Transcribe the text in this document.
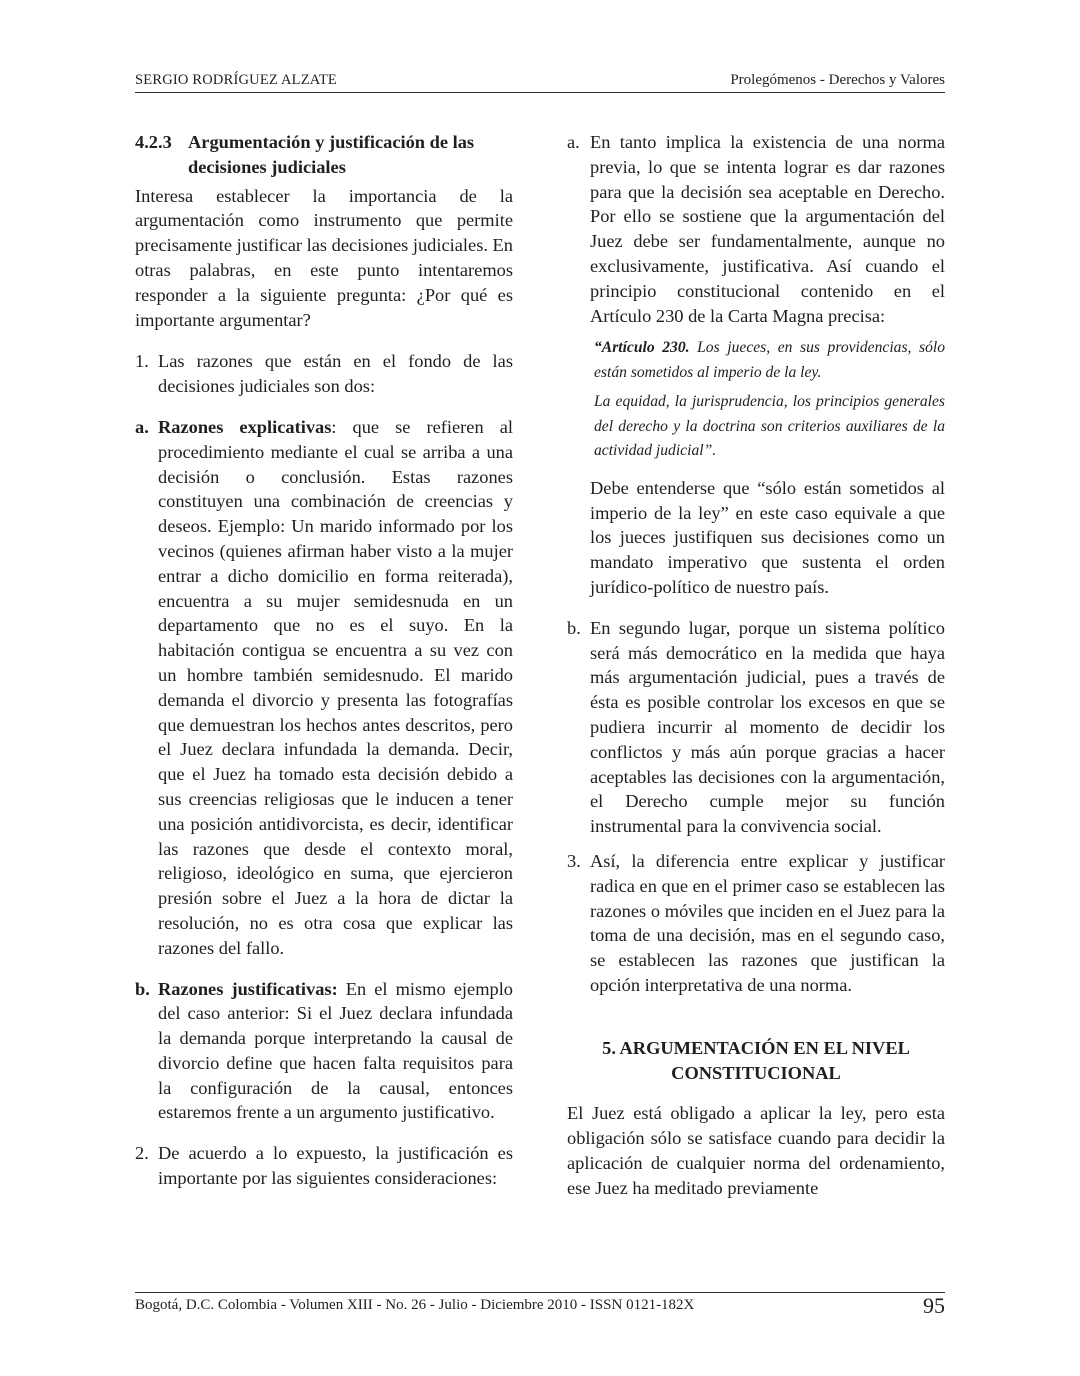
SERGIO RODRÍGUEZ ALZATE	Prolegómenos - Derechos y Valores
4.2.3 Argumentación y justificación de las decisiones judiciales

Interesa establecer la importancia de la argumentación como instrumento que permite precisamente justificar las decisiones judiciales. En otras palabras, en este punto intentaremos responder a la siguiente pregunta: ¿Por qué es importante argumentar?

1. Las razones que están en el fondo de las decisiones judiciales son dos:
a. Razones explicativas: que se refieren al procedimiento mediante el cual se arriba a una decisión o conclusión. Estas razones constituyen una combinación de creencias y deseos. Ejemplo: Un marido informado por los vecinos (quienes afirman haber visto a la mujer entrar a dicho domicilio en forma reiterada), encuentra a su mujer semidesnuda en un departamento que no es el suyo. En la habitación contigua se encuentra a su vez con un hombre también semidesnudo. El marido demanda el divorcio y presenta las fotografías que demuestran los hechos antes descritos, pero el Juez declara infundada la demanda. Decir, que el Juez ha tomado esta decisión debido a sus creencias religiosas que le inducen a tener una posición antidivorcista, es decir, identificar las razones que desde el contexto moral, religioso, ideológico en suma, que ejercieron presión sobre el Juez a la hora de dictar la resolución, no es otra cosa que explicar las razones del fallo.
b. Razones justificativas: En el mismo ejemplo del caso anterior: Si el Juez declara infundada la demanda porque interpretando la causal de divorcio define que hacen falta requisitos para la configuración de la causal, entonces estaremos frente a un argumento justificativo.
2. De acuerdo a lo expuesto, la justificación es importante por las siguientes consideraciones:
a. En tanto implica la existencia de una norma previa, lo que se intenta lograr es dar razones para que la decisión sea aceptable en Derecho. Por ello se sostiene que la argumentación del Juez debe ser fundamentalmente, aunque no exclusivamente, justificativa. Así cuando el principio constitucional contenido en el Artículo 230 de la Carta Magna precisa:

“Artículo 230. Los jueces, en sus providencias, sólo están sometidos al imperio de la ley.

La equidad, la jurisprudencia, los principios generales del derecho y la doctrina son criterios auxiliares de la actividad judicial”.

Debe entenderse que “sólo están sometidos al imperio de la ley” en este caso equivale a que los jueces justifiquen sus decisiones como un mandato imperativo que sustenta el orden jurídico-político de nuestro país.

b. En segundo lugar, porque un sistema político será más democrático en la medida que haya más argumentación judicial, pues a través de ésta es posible controlar los excesos en que se pudiera incurrir al momento de decidir los conflictos y más aún porque gracias a hacer aceptables las decisiones con la argumentación, el Derecho cumple mejor su función instrumental para la convivencia social.
3. Así, la diferencia entre explicar y justificar radica en que en el primer caso se establecen las razones o móviles que inciden en el Juez para la toma de una decisión, mas en el segundo caso, se establecen las razones que justifican la opción interpretativa de una norma.
5. ARGUMENTACIÓN EN EL NIVEL
CONSTITUCIONAL

El Juez está obligado a aplicar la ley, pero esta obligación sólo se satisface cuando para decidir la aplicación de cualquier norma del ordenamiento, ese Juez ha meditado previamente

Bogotá, D.C. Colombia - Volumen XIII - No. 26 - Julio - Diciembre 2010 - ISSN 0121-182X	95
